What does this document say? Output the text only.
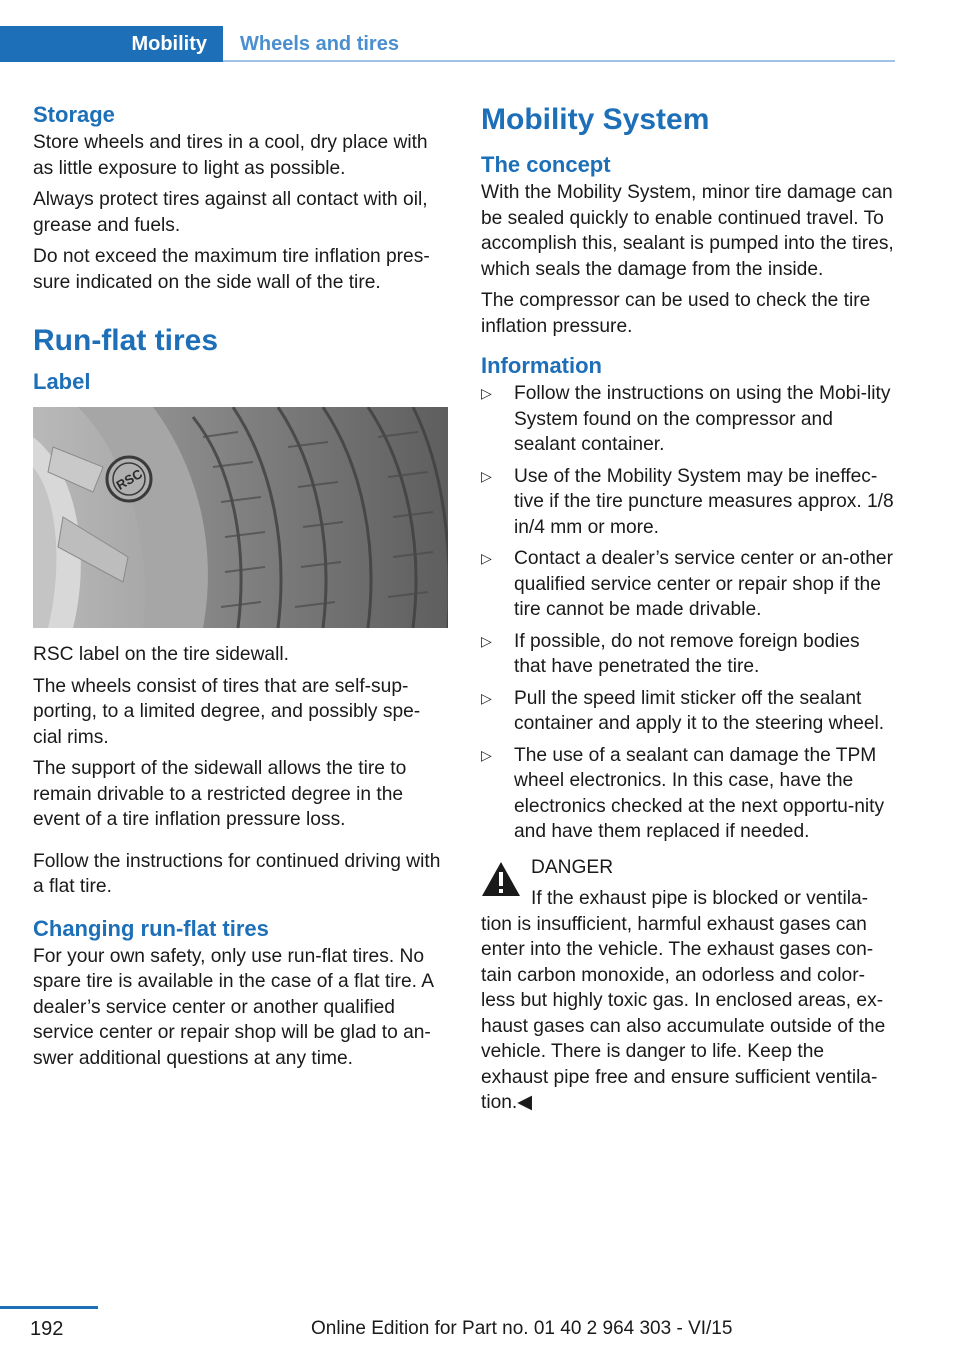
Mobility	Wheels and tires
Storage

Store wheels and tires in a cool, dry place with as little exposure to light as possible.

Always protect tires against all contact with oil, grease and fuels.

Do not exceed the maximum tire inflation pres‐sure indicated on the side wall of the tire.

Run-flat tires
Label
RSC

RSC label on the tire sidewall.

The wheels consist of tires that are self-sup‐porting, to a limited degree, and possibly spe‐cial rims.

The support of the sidewall allows the tire to remain drivable to a restricted degree in the event of a tire inflation pressure loss.

Follow the instructions for continued driving with a flat tire.

Changing run-flat tires

For your own safety, only use run-flat tires. No spare tire is available in the case of a flat tire. A dealer’s service center or another qualified service center or repair shop will be glad to an‐swer additional questions at any time.

Mobility System
The concept

With the Mobility System, minor tire damage can be sealed quickly to enable continued travel. To accomplish this, sealant is pumped into the tires, which seals the damage from the inside.

The compressor can be used to check the tire inflation pressure.

Information
▷ Follow the instructions on using the Mobi‐lity System found on the compressor and sealant container.
▷ Use of the Mobility System may be ineffec‐tive if the tire puncture measures approx. 1/8 in/4 mm or more.
▷ Contact a dealer’s service center or an‐other qualified service center or repair shop if the tire cannot be made drivable.
▷ If possible, do not remove foreign bodies that have penetrated the tire.
▷ Pull the speed limit sticker off the sealant container and apply it to the steering wheel.
▷ The use of a sealant can damage the TPM wheel electronics. In this case, have the electronics checked at the next opportu‐nity and have them replaced if needed.
DANGER
If the exhaust pipe is blocked or ventila‐tion is insufficient, harmful exhaust gases can enter into the vehicle. The exhaust gases con‐tain carbon monoxide, an odorless and color‐less but highly toxic gas. In enclosed areas, ex‐haust gases can also accumulate outside of the vehicle. There is danger to life. Keep the exhaust pipe free and ensure sufficient ventila‐tion.◀
192	Online Edition for Part no. 01 40 2 964 303 - VI/15
